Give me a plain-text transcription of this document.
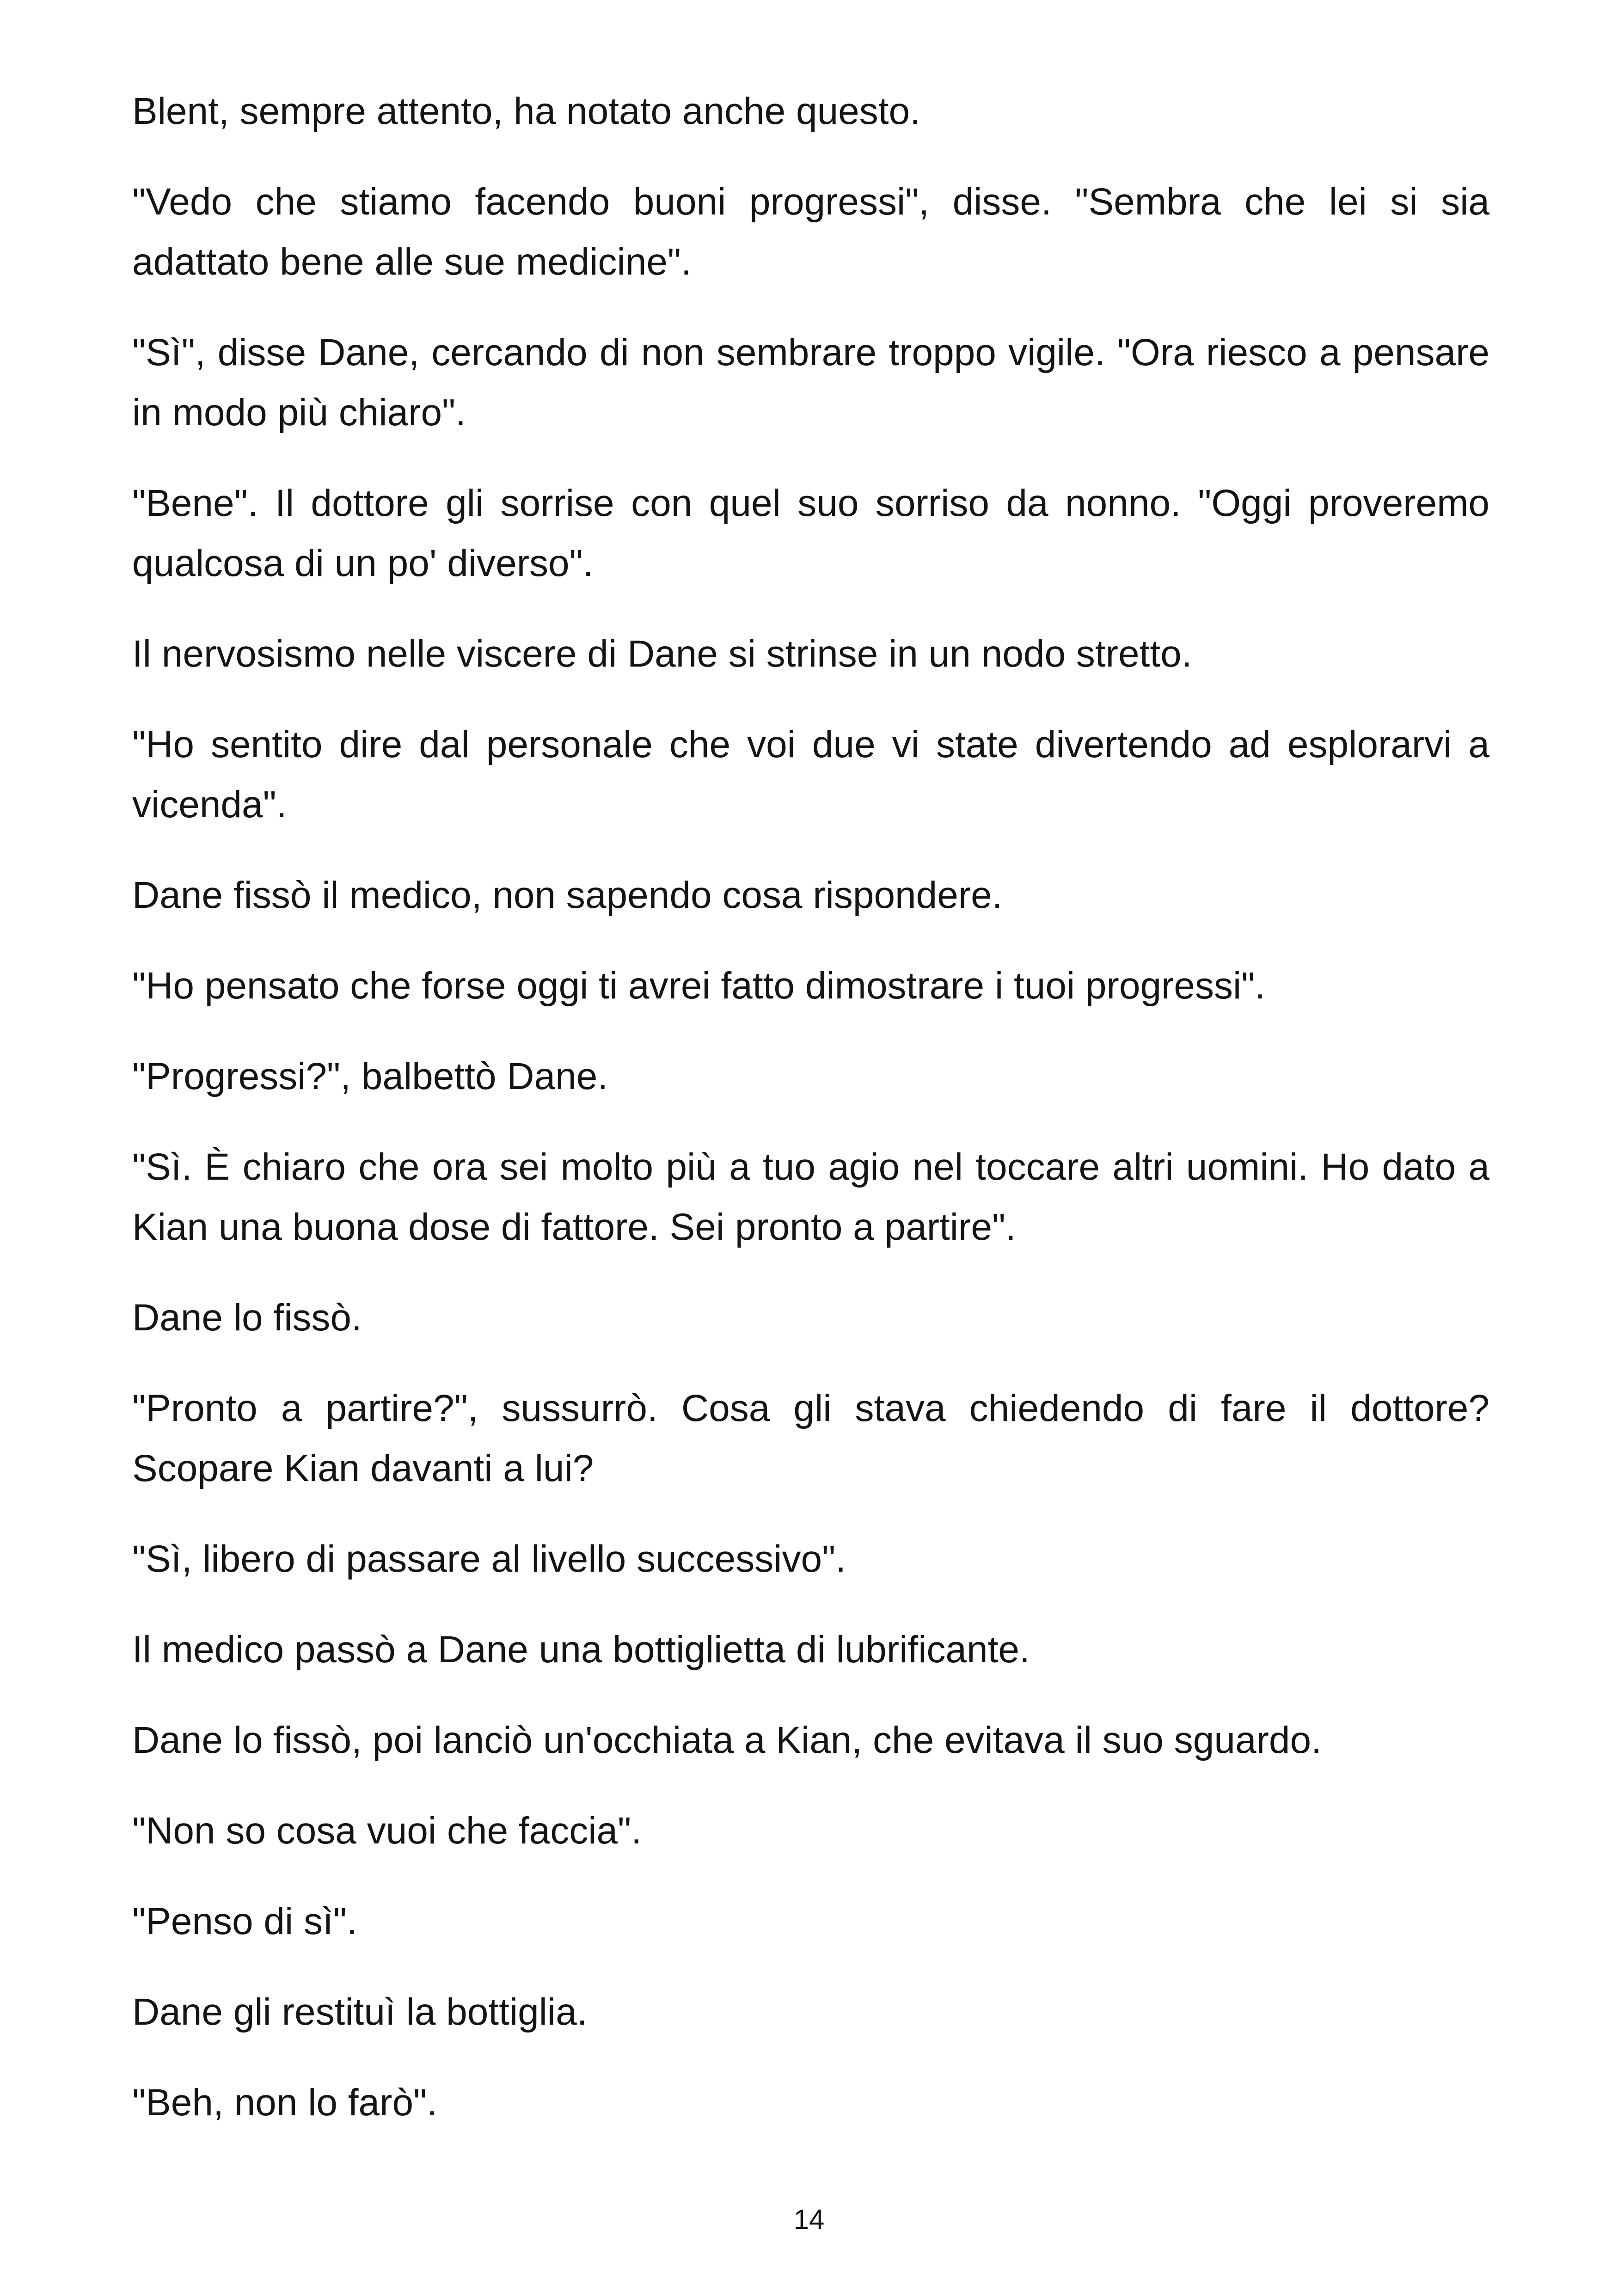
Blent, sempre attento, ha notato anche questo.

"Vedo che stiamo facendo buoni progressi", disse. "Sembra che lei si sia adattato bene alle sue medicine".

"Sì", disse Dane, cercando di non sembrare troppo vigile. "Ora riesco a pensare in modo più chiaro".

"Bene". Il dottore gli sorrise con quel suo sorriso da nonno. "Oggi proveremo qualcosa di un po' diverso".

Il nervosismo nelle viscere di Dane si strinse in un nodo stretto.

"Ho sentito dire dal personale che voi due vi state divertendo ad esplorarvi a vicenda".

Dane fissò il medico, non sapendo cosa rispondere.

"Ho pensato che forse oggi ti avrei fatto dimostrare i tuoi progressi".

"Progressi?", balbettò Dane.

"Sì. È chiaro che ora sei molto più a tuo agio nel toccare altri uomini. Ho dato a Kian una buona dose di fattore. Sei pronto a partire".

Dane lo fissò.

"Pronto a partire?", sussurrò. Cosa gli stava chiedendo di fare il dottore? Scopare Kian davanti a lui?

"Sì, libero di passare al livello successivo".

Il medico passò a Dane una bottiglietta di lubrificante.

Dane lo fissò, poi lanciò un'occhiata a Kian, che evitava il suo sguardo.

"Non so cosa vuoi che faccia".

"Penso di sì".

Dane gli restituì la bottiglia.

"Beh, non lo farò".

14
